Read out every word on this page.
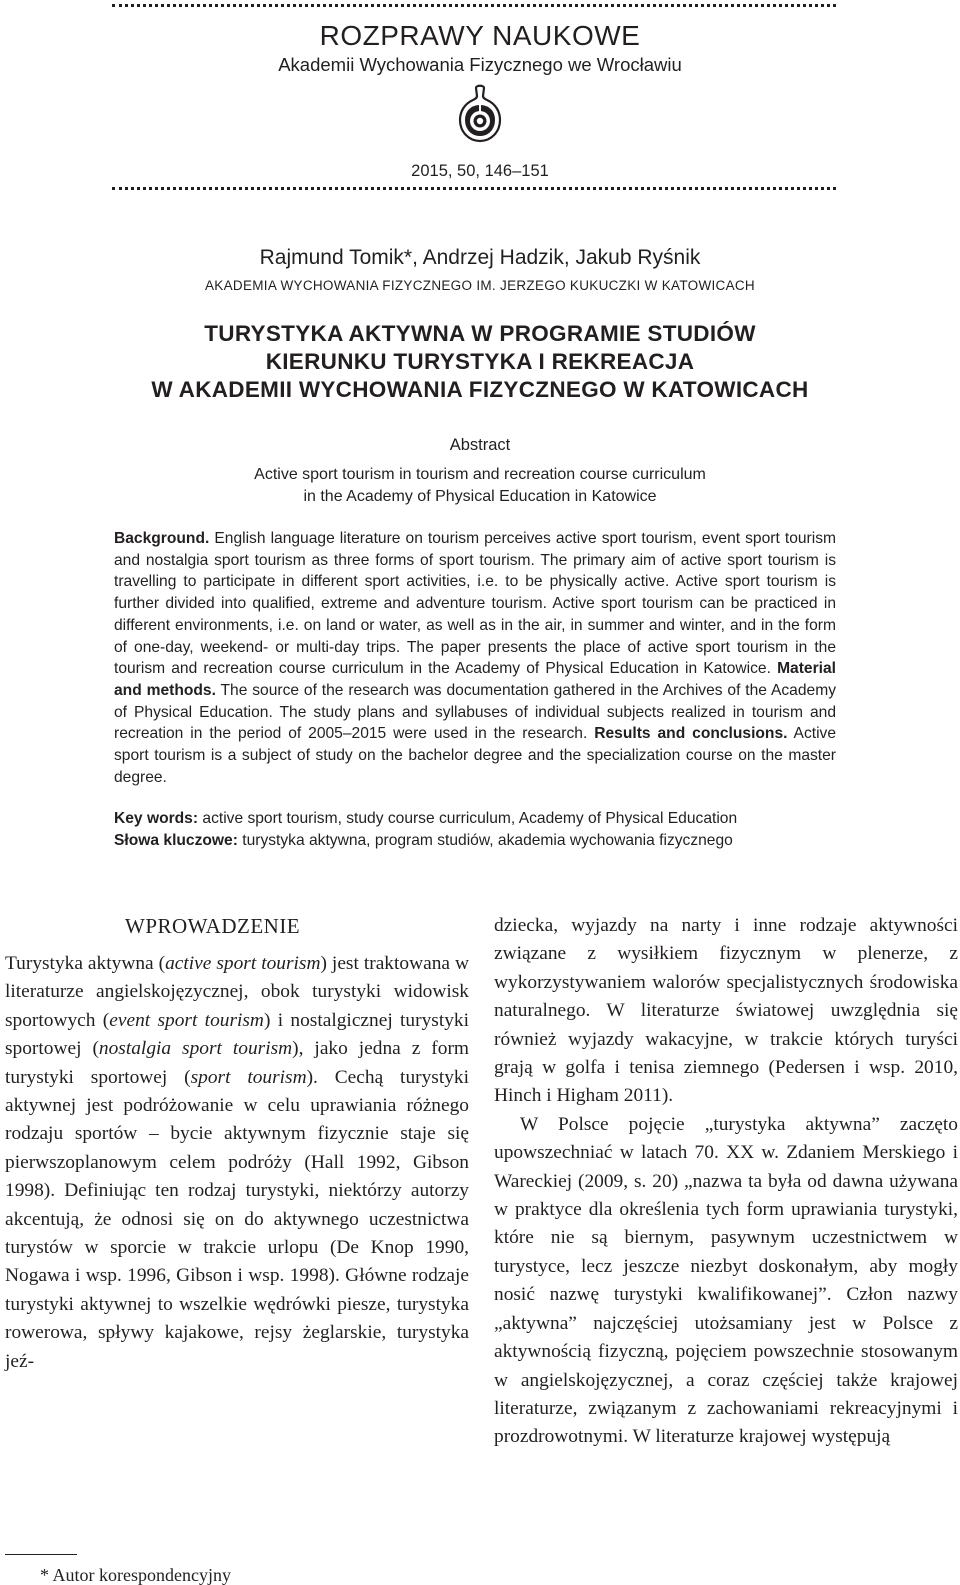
ROZPRAWY NAUKOWE
Akademii Wychowania Fizycznego we Wrocławiu
2015, 50, 146–151
Rajmund Tomik*, Andrzej Hadzik, Jakub Ryśnik
AKADEMIA WYCHOWANIA FIZYCZNEGO IM. JERZEGO KUKUCZKI W KATOWICACH
TURYSTYKA AKTYWNA W PROGRAMIE STUDIÓW
KIERUNKU TURYSTYKA I REKREACJA
W AKADEMII WYCHOWANIA FIZYCZNEGO W KATOWICACH
Abstract
Active sport tourism in tourism and recreation course curriculum
in the Academy of Physical Education in Katowice

Background. English language literature on tourism perceives active sport tourism, event sport tourism and nostalgia sport tourism as three forms of sport tourism. The primary aim of active sport tourism is travelling to participate in different sport activities, i.e. to be physically active. Active sport tourism is further divided into qualified, extreme and adventure tourism. Active sport tourism can be practiced in different environments, i.e. on land or water, as well as in the air, in summer and winter, and in the form of one-day, weekend- or multi-day trips. The paper presents the place of active sport tourism in the tourism and recreation course curriculum in the Academy of Physical Education in Katowice. Material and methods. The source of the research was documentation gathered in the Archives of the Academy of Physical Education. The study plans and syllabuses of individual subjects realized in tourism and recreation in the period of 2005–2015 were used in the research. Results and conclusions. Active sport tourism is a subject of study on the bachelor degree and the specialization course on the master degree.

Key words: active sport tourism, study course curriculum, Academy of Physical Education
Słowa kluczowe: turystyka aktywna, program studiów, akademia wychowania fizycznego
WPROWADZENIE

Turystyka aktywna (active sport tourism) jest traktowana w literaturze angielskojęzycznej, obok turystyki widowisk sportowych (event sport tourism) i nostalgicznej turystyki sportowej (nostalgia sport tourism), jako jedna z form turystyki sportowej (sport tourism). Cechą turystyki aktywnej jest podróżowanie w celu uprawiania różnego rodzaju sportów – bycie aktywnym fizycznie staje się pierwszoplanowym celem podróży (Hall 1992, Gibson 1998). Definiując ten rodzaj turystyki, niektórzy autorzy akcentują, że odnosi się on do aktywnego uczestnictwa turystów w sporcie w trakcie urlopu (De Knop 1990, Nogawa i wsp. 1996, Gibson i wsp. 1998). Główne rodzaje turystyki aktywnej to wszelkie wędrówki piesze, turystyka rowerowa, spływy kajakowe, rejsy żeglarskie, turystyka jeź-

dziecka, wyjazdy na narty i inne rodzaje aktywności związane z wysiłkiem fizycznym w plenerze, z wykorzystywaniem walorów specjalistycznych środowiska naturalnego. W literaturze światowej uwzględnia się również wyjazdy wakacyjne, w trakcie których turyści grają w golfa i tenisa ziemnego (Pedersen i wsp. 2010, Hinch i Higham 2011).

W Polsce pojęcie „turystyka aktywna” zaczęto upowszechniać w latach 70. XX w. Zdaniem Merskiego i Wareckiej (2009, s. 20) „nazwa ta była od dawna używana w praktyce dla określenia tych form uprawiania turystyki, które nie są biernym, pasywnym uczestnictwem w turystyce, lecz jeszcze niezbyt doskonałym, aby mogły nosić nazwę turystyki kwalifikowanej”. Człon nazwy „aktywna” najczęściej utożsamiany jest w Polsce z aktywnością fizyczną, pojęciem powszechnie stosowanym w angielskojęzycznej, a coraz częściej także krajowej literaturze, związanym z zachowaniami rekreacyjnymi i prozdrowotnymi. W literaturze krajowej występują

* Autor korespondencyjny
